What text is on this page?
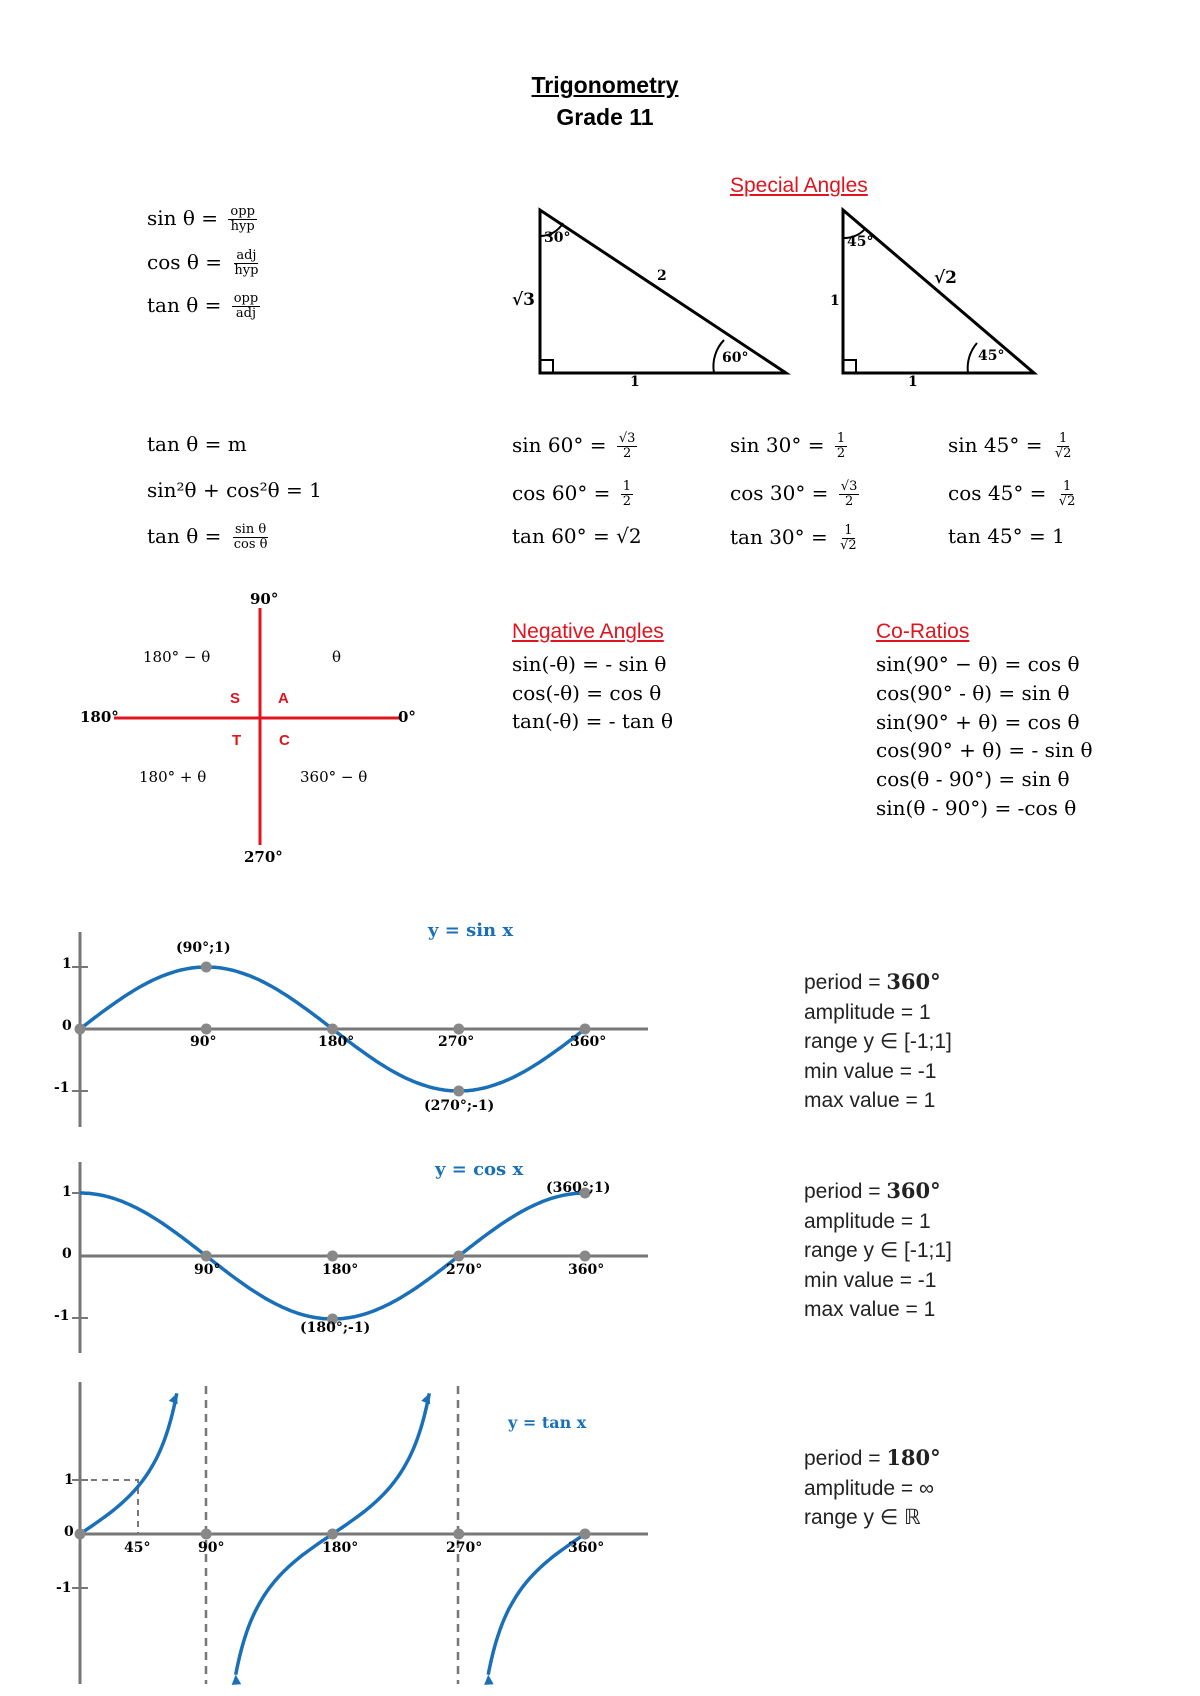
Trigonometry
Grade 11
$\sin \theta = \frac{\text{opp}}{\text{hyp}}$
$\cos \theta = \frac{\text{adj}}{\text{hyp}}$
$\tan \theta = \frac{\text{opp}}{\text{adj}}$
tan θ = m
sin²θ + cos²θ = 1
$\tan \theta = \frac{\text{sin θ}}{\text{cos θ}}$
Special Angles
30°
2
√3
1
60°
45°
√2
1
1
45°
$\sin 60^\circ = \frac{√3}{2}$
$\cos 60^\circ = \frac{1}{2}$
tan 60° = √2
$\sin 30^\circ = \frac{1}{2}$
$\cos 30^\circ = \frac{√3}{2}$
$\tan 30^\circ = \frac{1}{√2}$
$\sin 45^\circ = \frac{1}{√2}$
$\cos 45^\circ = \frac{1}{√2}$
tan 45° = 1
90°
270°
180°	0°
180° − θ	θ
180° + θ	360° − θ
S	A
T	C
Negative Angles
sin(-θ) = - sin θ
cos(-θ) = cos θ
tan(-θ) = - tan θ
Co-Ratios
sin(90° − θ) = cos θ
cos(90° - θ) = sin θ
sin(90° + θ) = cos θ
cos(90° + θ) = - sin θ
cos(θ - 90°) = sin θ
sin(θ - 90°) = -cos θ
y = sin x
1
0
-1
90°	180°	270°	360°
(90°;1)
(270°;-1)
period = 360°
amplitude = 1
range y ∈ [-1;1]
min value = -1
max value = 1
y = cos x
1
0
-1
90°	180°	270°	360°
(360°;1)
(180°;-1)
period = 360°
amplitude = 1
range y ∈ [-1;1]
min value = -1
max value = 1
y = tan x
1
0
-1
45°	90°	180°	270°	360°
period = 180°
amplitude = ∞
range y ∈ ℝ
